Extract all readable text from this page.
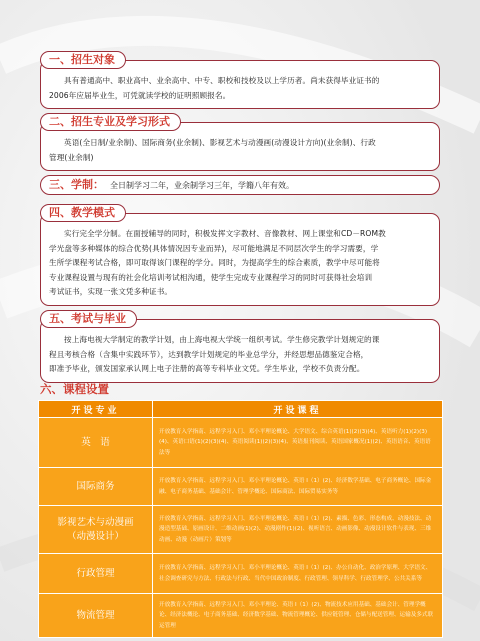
一、招生对象

具有普通高中、职业高中、业余高中、中专、职校和技校及以上学历者。尚未获得毕业证书的

2006年应届毕业生，可凭就读学校的证明照顾报名。

二、招生专业及学习形式

英语(全日制/业余制)、国际商务(业余制)、影视艺术与动漫画(动漫设计方向)(业余制)、行政

管理(业余制)

三、学制： 全日制学习二年，业余制学习三年，学籍八年有效。
四、教学模式

实行完全学分制。在面授辅导的同时，积极发挥文字教材、音像教材、网上课堂和CD－ROM教

学光盘等多种媒体的综合优势(具体情况因专业而异)，尽可能地满足不同层次学生的学习需要，学

生所学课程考试合格，即可取得该门课程的学分。同时，为提高学生的综合素质，教学中尽可能将

专业课程设置与现有的社会化培训考试相沟通，使学生完成专业课程学习的同时可获得社会培训

考试证书，实现一张文凭多种证书。

五、考试与毕业

按上海电视大学制定的教学计划，由上海电视大学统一组织考试。学生修完教学计划规定的课

程且考核合格（含集中实践环节），达到教学计划规定的毕业总学分，并经思想品德鉴定合格，

即准予毕业，颁发国家承认网上电子注册的高等专科毕业文凭。学生毕业，学校不负责分配。

六、课程设置
开设专业	开设课程
英　语	开放教育入学指南、远程学习入门、邓小平理论概论、大学语文、综合英语(1)(2)(3)(4)、英语听力(1)(2)(3)(4)、英语口语(1)(2)(3)(4)、英语阅读(1)(2)(3)(4)、英语报刊阅读、英语国家概况(1)(2)、英语语音、英语语法等
国际商务	开放教育入学指南、远程学习入门、邓小平理论概论、英语 I（1）(2)、经济数学基础、电子商务概论、国际金融、电子商务基础、基础会计、管理学概论、国际商法、国际贸易实务等
影视艺术与动漫画
（动漫设计）	开放教育入学指南、远程学习入门、邓小平理论概论、英语 I（1）(2)、素描、色彩、形态构成、动漫技法、动漫造型基础、原画设计、二维动画(1)(2)、动漫剧作(1)(2)、视听语言、动画影像、动漫设计软件与表现、三维动画、动漫（动画片）策划等
行政管理	开放教育入学指南、远程学习入门、邓小平理论概论、英语 I（1）(2)、办公自动化、政治学原理、大学语文、社会调查研究与方法、行政法与行政、当代中国政治制度、行政管理、领导科学、行政管理学、公共关系等
物流管理	开放教育入学指南、远程学习入门、邓小平理论、英语 I（1）(2)、物流技术应用基础、基础会计、管理学概论、经济法概论、电子商务基础、经济数学基础、物流管理概论、供应链管理、仓储与配送管理、运输及多式联运管理
